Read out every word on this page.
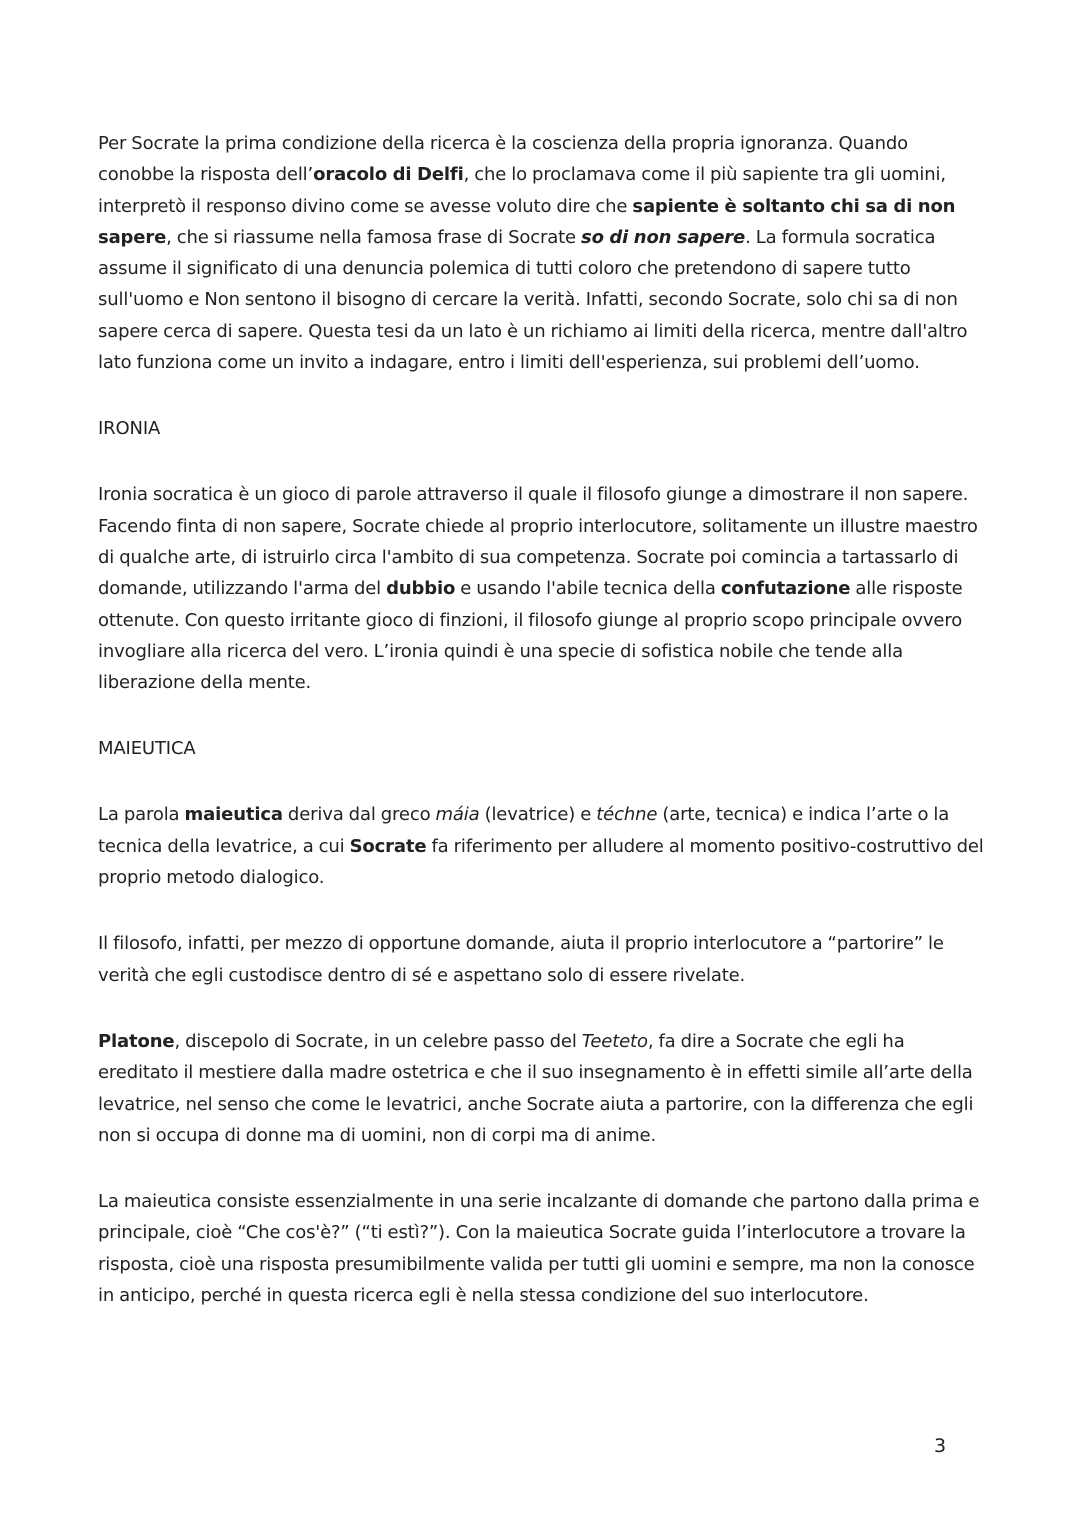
Per Socrate la prima condizione della ricerca è la coscienza della propria ignoranza. Quando conobbe la risposta dell’oracolo di Delfi, che lo proclamava come il più sapiente tra gli uomini, interpretò il responso divino come se avesse voluto dire che sapiente è soltanto chi sa di non sapere, che si riassume nella famosa frase di Socrate so di non sapere. La formula socratica assume il significato di una denuncia polemica di tutti coloro che pretendono di sapere tutto sull'uomo e Non sentono il bisogno di cercare la verità. Infatti, secondo Socrate, solo chi sa di non sapere cerca di sapere. Questa tesi da un lato è un richiamo ai limiti della ricerca, mentre dall'altro lato funziona come un invito a indagare, entro i limiti dell'esperienza, sui problemi dell’uomo.

IRONIA

Ironia socratica è un gioco di parole attraverso il quale il filosofo giunge a dimostrare il non sapere. Facendo finta di non sapere, Socrate chiede al proprio interlocutore, solitamente un illustre maestro di qualche arte, di istruirlo circa l'ambito di sua competenza. Socrate poi comincia a tartassarlo di domande, utilizzando l'arma del dubbio e usando l'abile tecnica della confutazione alle risposte ottenute. Con questo irritante gioco di finzioni, il filosofo giunge al proprio scopo principale ovvero invogliare alla ricerca del vero. L’ironia quindi è una specie di sofistica nobile che tende alla liberazione della mente.

MAIEUTICA

La parola maieutica deriva dal greco máia (levatrice) e téchne (arte, tecnica) e indica l’arte o la tecnica della levatrice, a cui Socrate fa riferimento per alludere al momento positivo-costruttivo del proprio metodo dialogico.

Il filosofo, infatti, per mezzo di opportune domande, aiuta il proprio interlocutore a “partorire” le verità che egli custodisce dentro di sé e aspettano solo di essere rivelate.

Platone, discepolo di Socrate, in un celebre passo del Teeteto, fa dire a Socrate che egli ha ereditato il mestiere dalla madre ostetrica e che il suo insegnamento è in effetti simile all’arte della levatrice, nel senso che come le levatrici, anche Socrate aiuta a partorire, con la differenza che egli non si occupa di donne ma di uomini, non di corpi ma di anime.

La maieutica consiste essenzialmente in una serie incalzante di domande che partono dalla prima e principale, cioè “Che cos'è?” (“ti estì?”). Con la maieutica Socrate guida l’interlocutore a trovare la risposta, cioè una risposta presumibilmente valida per tutti gli uomini e sempre, ma non la conosce in anticipo, perché in questa ricerca egli è nella stessa condizione del suo interlocutore.

3
